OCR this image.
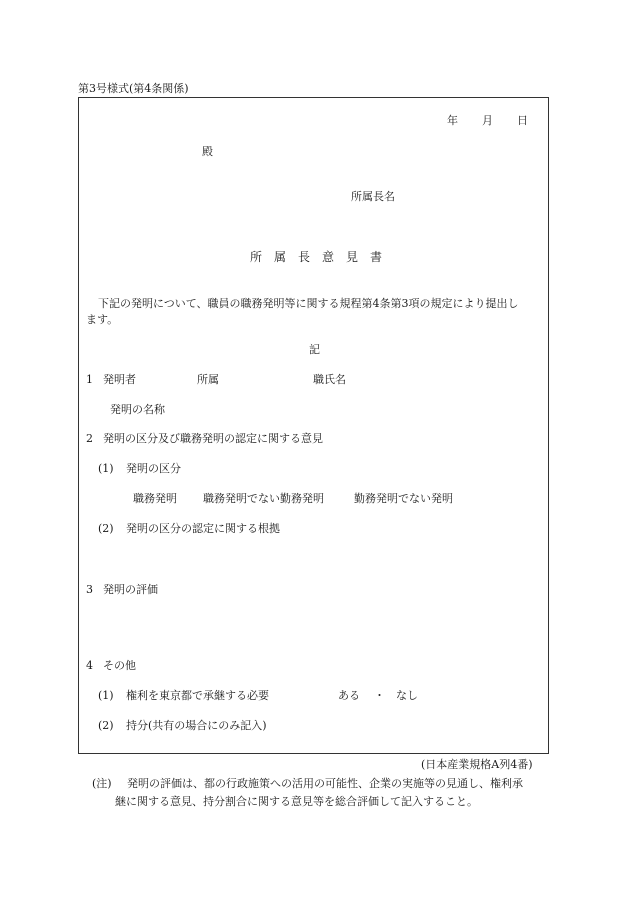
第3号様式(第4条関係)
年 月 日
殿
所属長名
所　属　長　意　見　書
下記の発明について、職員の職務発明等に関する規程第4条第3項の規定により提出し
ます。
記
1 発明者	所属	職氏名
発明の名称
2 発明の区分及び職務発明の認定に関する意見
(1) 発明の区分
職務発明 職務発明でない勤務発明	勤務発明でない発明
(2) 発明の区分の認定に関する根拠
3 発明の評価
4 その他
(1) 権利を東京都で承継する必要	ある ・ なし
(2) 持分(共有の場合にのみ記入)
(日本産業規格A列4番)
(注) 発明の評価は、都の行政施策への活用の可能性、企業の実施等の見通し、権利承
継に関する意見、持分割合に関する意見等を総合評価して記入すること。
